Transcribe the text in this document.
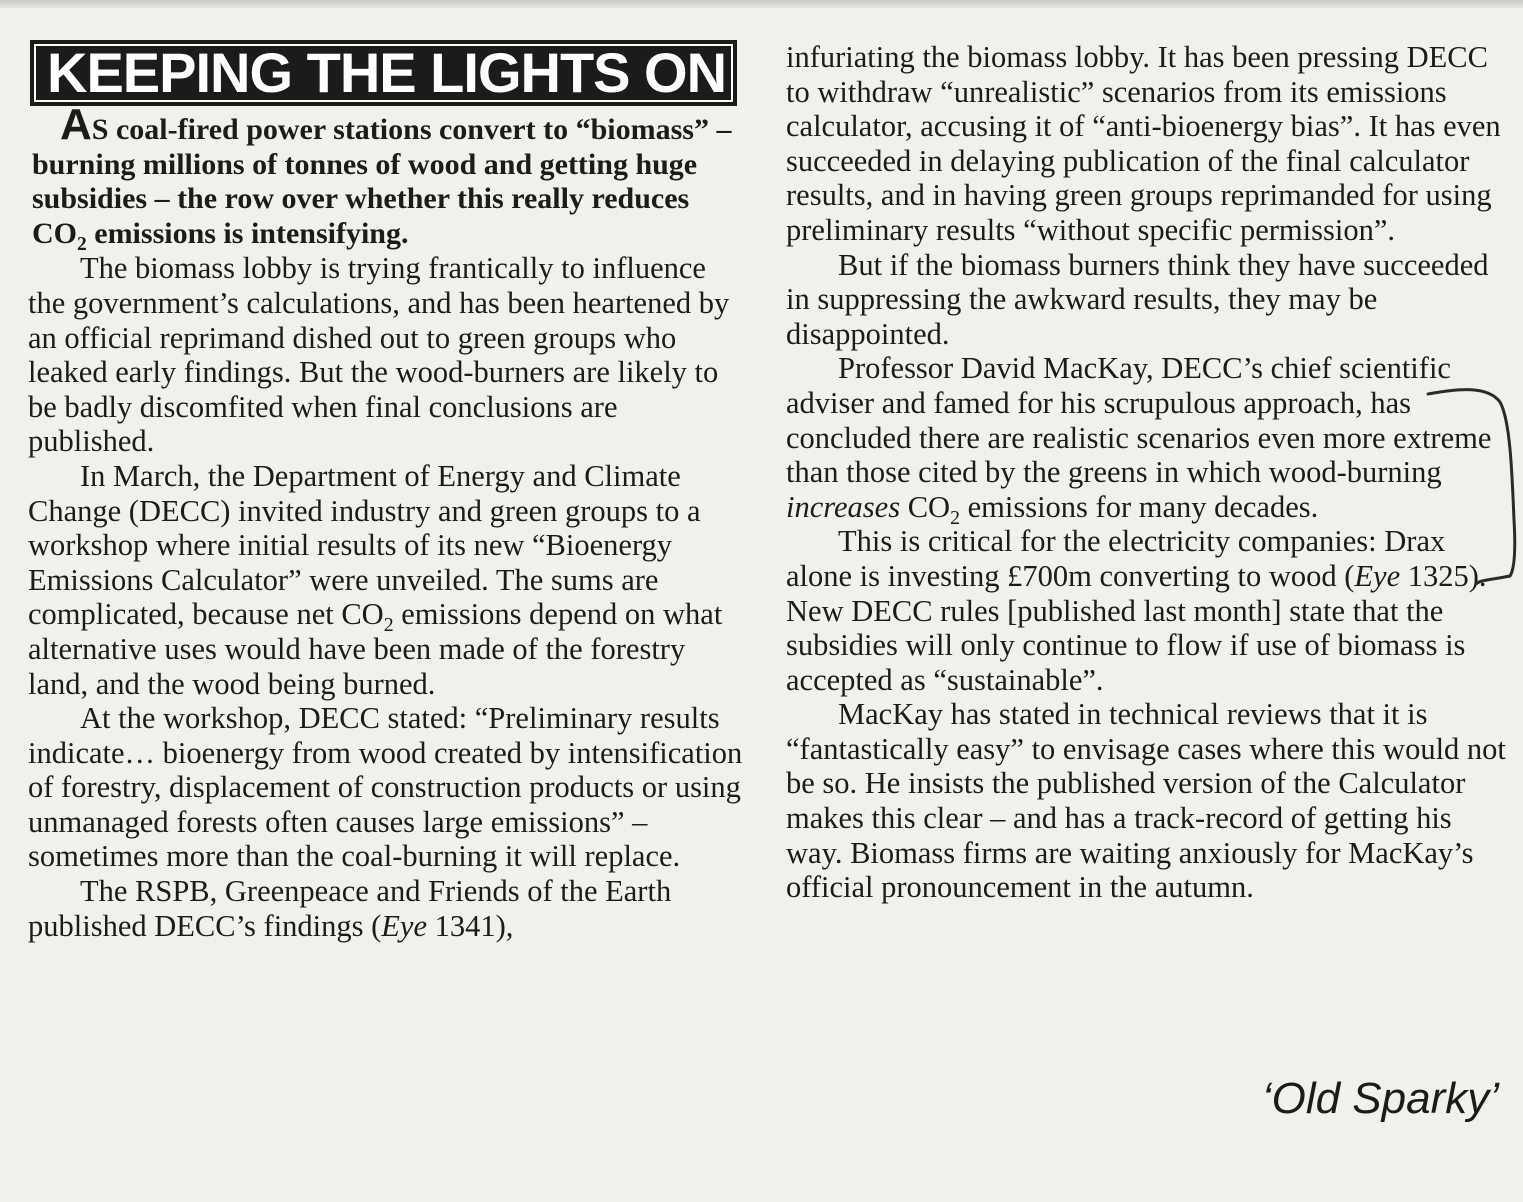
KEEPING THE LIGHTS ON

AS coal-fired power stations convert to “biomass” – burning millions of tonnes of wood and getting huge subsidies – the row over whether this really reduces $CO_2$ emissions is intensifying.

The biomass lobby is trying frantically to influence the government’s calculations, and has been heartened by an official reprimand dished out to green groups who leaked early findings. But the wood-burners are likely to be badly discomfited when final conclusions are published.

In March, the Department of Energy and Climate Change (DECC) invited industry and green groups to a workshop where initial results of its new “Bioenergy Emissions Calculator” were unveiled. The sums are complicated, because net $CO_2$ emissions depend on what alternative uses would have been made of the forestry land, and the wood being burned.

At the workshop, DECC stated: “Preliminary results indicate… bioenergy from wood created by intensification of forestry, displacement of construction products or using unmanaged forests often causes large emissions” – sometimes more than the coal-burning it will replace.

The RSPB, Greenpeace and Friends of the Earth published DECC’s findings (Eye 1341),

infuriating the biomass lobby. It has been pressing DECC to withdraw “unrealistic” scenarios from its emissions calculator, accusing it of “anti-bioenergy bias”. It has even succeeded in delaying publication of the final calculator results, and in having green groups reprimanded for using preliminary results “without specific permission”.

But if the biomass burners think they have succeeded in suppressing the awkward results, they may be disappointed.

Professor David MacKay, DECC’s chief scientific adviser and famed for his scrupulous approach, has concluded there are realistic scenarios even more extreme than those cited by the greens in which wood-burning increases $CO_2$ emissions for many decades.

This is critical for the electricity companies: Drax alone is investing £700m converting to wood (Eye 1325). New DECC rules [published last month] state that the subsidies will only continue to flow if use of biomass is accepted as “sustainable”.

MacKay has stated in technical reviews that it is “fantastically easy” to envisage cases where this would not be so. He insists the published version of the Calculator makes this clear – and has a track-record of getting his way. Biomass firms are waiting anxiously for MacKay’s official pronouncement in the autumn.

‘Old Sparky’
